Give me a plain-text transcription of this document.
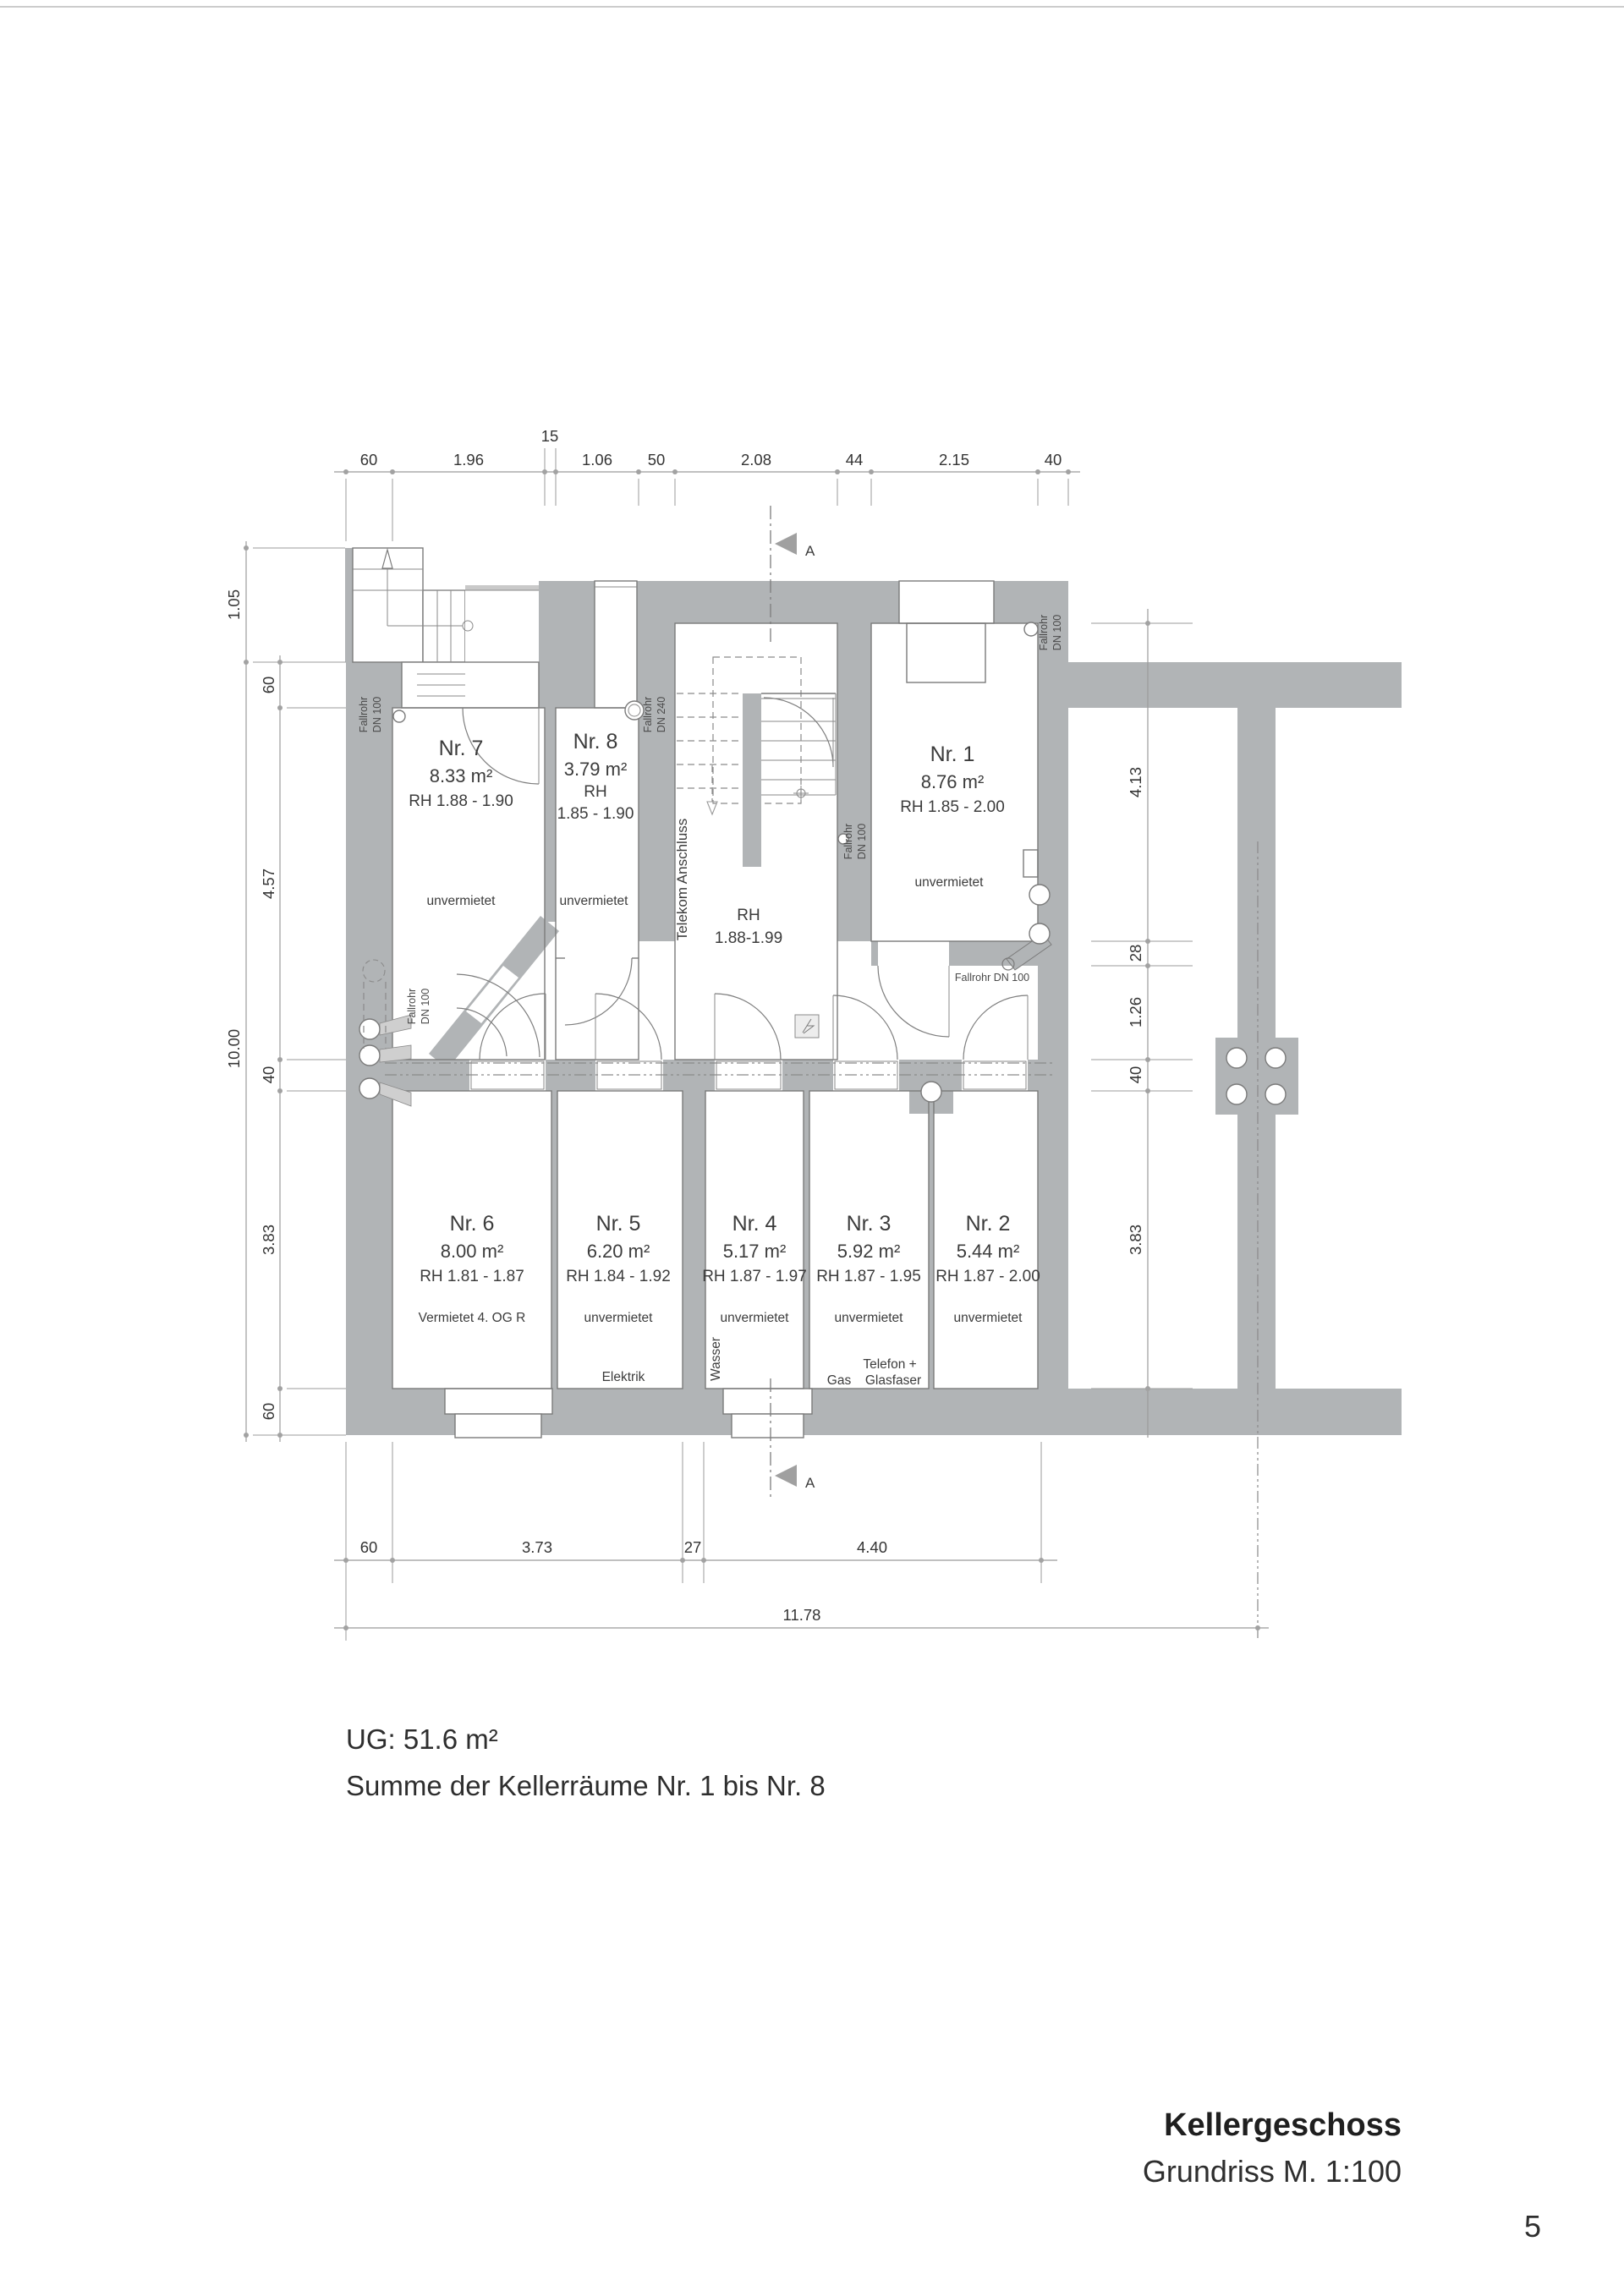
A
A
60	1.96
15
1.06 50	2.08	44	2.15	40
1.05
10.00
60
4.57
40
3.83
60
4.13
28
1.26
40
3.83
60	3.73	27	4.40
11.78
Nr. 7
8.33 m²
RH 1.88 - 1.90
unvermietet
Nr. 8
3.79 m²
RH
1.85 - 1.90
unvermietet
Nr. 1
8.76 m²
RH 1.85 - 2.00
unvermietet
RH
1.88-1.99
Nr. 6
8.00 m²
RH 1.81 - 1.87
Vermietet 4. OG R
Nr. 5
6.20 m²
RH 1.84 - 1.92
unvermietet
Elektrik
Nr. 4
5.17 m²
RH 1.87 - 1.97
unvermietet
Wasser
Nr. 3
5.92 m²
RH 1.87 - 1.95
unvermietet
Telefon +
Gas Glasfaser
Nr. 2
5.44 m²
RH 1.87 - 2.00
unvermietet
Telekom Anschluss
Fallrohr DN 100
Fallrohr DN 100
Fallrohr DN 240
Fallrohr DN 100
Fallrohr DN 100
Fallrohr DN 100
UG: 51.6 m²
Summe der Kellerräume Nr. 1 bis Nr. 8
Kellergeschoss
Grundriss M. 1:100
5
